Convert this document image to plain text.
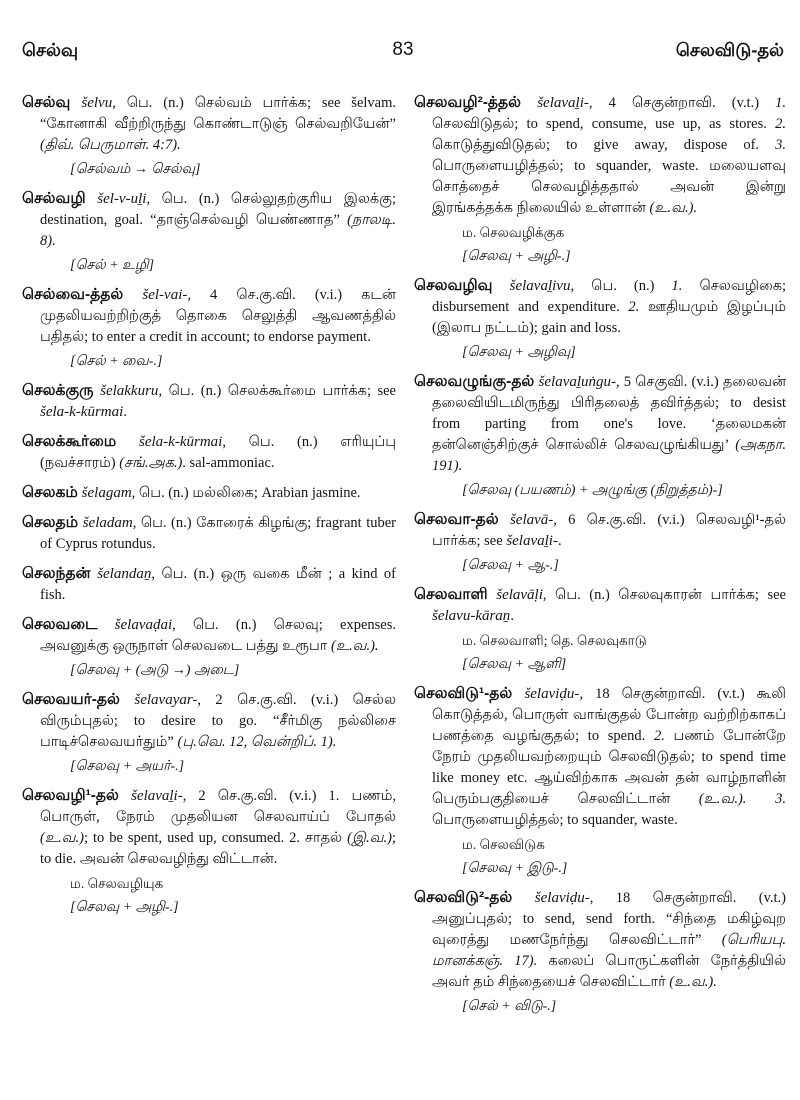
செல்வு	83	செலவிடு-தல்

செல்வு šelvu, பெ. (n.) செல்வம் பார்க்க; see šelvam. “கோனாகி வீற்றிருந்து கொண்டாடுஞ் செல்வறியேன்” (திவ். பெருமாள். 4:7).

[செல்வம் → செல்வு]

செல்வழி šel-v-uḻi, பெ. (n.) செல்லுதற்குரிய இலக்கு; destination, goal. “தாஞ்செல்வழி யெண்ணாத” (நாலடி. 8).

[செல் + உழி]

செல்வை-த்தல் šel-vai-, 4 செ.கு.வி. (v.i.) கடன் முதலியவற்றிற்குத் தொகை செலுத்தி ஆவணத்தில் பதிதல்; to enter a credit in account; to endorse payment.

[செல் + வை-.]

செலக்குரு šelakkuru, பெ. (n.) செலக்கூர்மை பார்க்க; see šela-k-kūrmai.

செலக்கூர்மை šela-k-kūrmai, பெ. (n.) எரியுப்பு (நவச்சாரம்) (சங்.அக.). sal-ammoniac.

செலகம் šelagam, பெ. (n.) மல்லிகை; Arabian jasmine.

செலதம் šeladam, பெ. (n.) கோரைக் கிழங்கு; fragrant tuber of Cyprus rotundus.

செலந்தன் šelandaṉ, பெ. (n.) ஒரு வகை மீன் ; a kind of fish.

செலவடை šelavaḍai, பெ. (n.) செலவு; expenses. அவனுக்கு ஒருநாள் செலவடை பத்து உரூபா (உ.வ.).

[செலவு + (அடு →) அடை]

செலவயர்-தல் šelavayar-, 2 செ.கு.வி. (v.i.) செல்ல விரும்புதல்; to desire to go. “சீர்மிகு நல்லிசை பாடிச்செலவயர்தும்” (பு.வெ. 12, வென்றிப். 1).

[செலவு + அயர்-.]

செலவழி¹-தல் šelavaḻi-, 2 செ.கு.வி. (v.i.) 1. பணம், பொருள், நேரம் முதலியன செலவாய்ப் போதல் (உ.வ.); to be spent, used up, consumed. 2. சாதல் (இ.வ.); to die. அவன் செலவழிந்து விட்டான்.

ம. செலவழியுக

[செலவு + அழி-.]

செலவழி²-த்தல் šelavaḻi-, 4 செகுன்றாவி. (v.t.) 1. செலவிடுதல்; to spend, consume, use up, as stores. 2. கொடுத்துவிடுதல்; to give away, dispose of. 3. பொருளையழித்தல்; to squander, waste. மலையளவு சொத்தைச் செலவழித்ததால் அவன் இன்று இரங்கத்தக்க நிலையில் உள்ளான் (உ.வ.).

ம. செலவழிக்குக

[செலவு + அழி-.]

செலவழிவு šelavaḻivu, பெ. (n.) 1. செலவழிகை; disbursement and expenditure. 2. ஊதியமும் இழப்பும் (இலாப நட்டம்); gain and loss.

[செலவு + அழிவு]

செலவழுங்கு-தல் šelavaḻuṅgu-, 5 செகுவி. (v.i.) தலைவன் தலைவியிடமிருந்து பிரிதலைத் தவிர்த்தல்; to desist from parting from one's love. ‘தலைமகன் தன்னெஞ்சிற்குச் சொல்லிச் செலவழுங்கியது’ (அகநா. 191).

[செலவு (பயணம்) + அழுங்கு (நிறுத்தம்)-]

செலவா-தல் šelavā-, 6 செ.கு.வி. (v.i.) செலவழி¹-தல் பார்க்க; see šelavaḻi-.

[செலவு + ஆ-.]

செலவாளி šelavāḷi, பெ. (n.) செலவுகாரன் பார்க்க; see šelavu-kāraṉ.

ம. செலவாளி; தெ. செலவுகாடு

[செலவு + ஆளி]

செலவிடு¹-தல் šelaviḍu-, 18 செகுன்றாவி. (v.t.) கூலி கொடுத்தல், பொருள் வாங்குதல் போன்ற வற்றிற்காகப் பணத்தை வழங்குதல்; to spend. 2. பணம் போன்றே நேரம் முதலியவற்றையும் செலவிடுதல்; to spend time like money etc. ஆய்விற்காக அவன் தன் வாழ்நாளின் பெரும்பகுதியைச் செலவிட்டான் (உ.வ.). 3. பொருளையழித்தல்; to squander, waste.

ம. செலவிடுக

[செலவு + இடு-.]

செலவிடு²-தல் šelaviḍu-, 18 செகுன்றாவி. (v.t.) அனுப்புதல்; to send, send forth. “சிந்தை மகிழ்வுற வுரைத்து மணநேர்ந்து செலவிட்டார்” (பெரியபு. மானக்கஞ். 17). கலைப் பொருட்களின் நேர்த்தியில் அவர் தம் சிந்தையைச் செலவிட்டார் (உ.வ.).

[செல் + விடு-.]
